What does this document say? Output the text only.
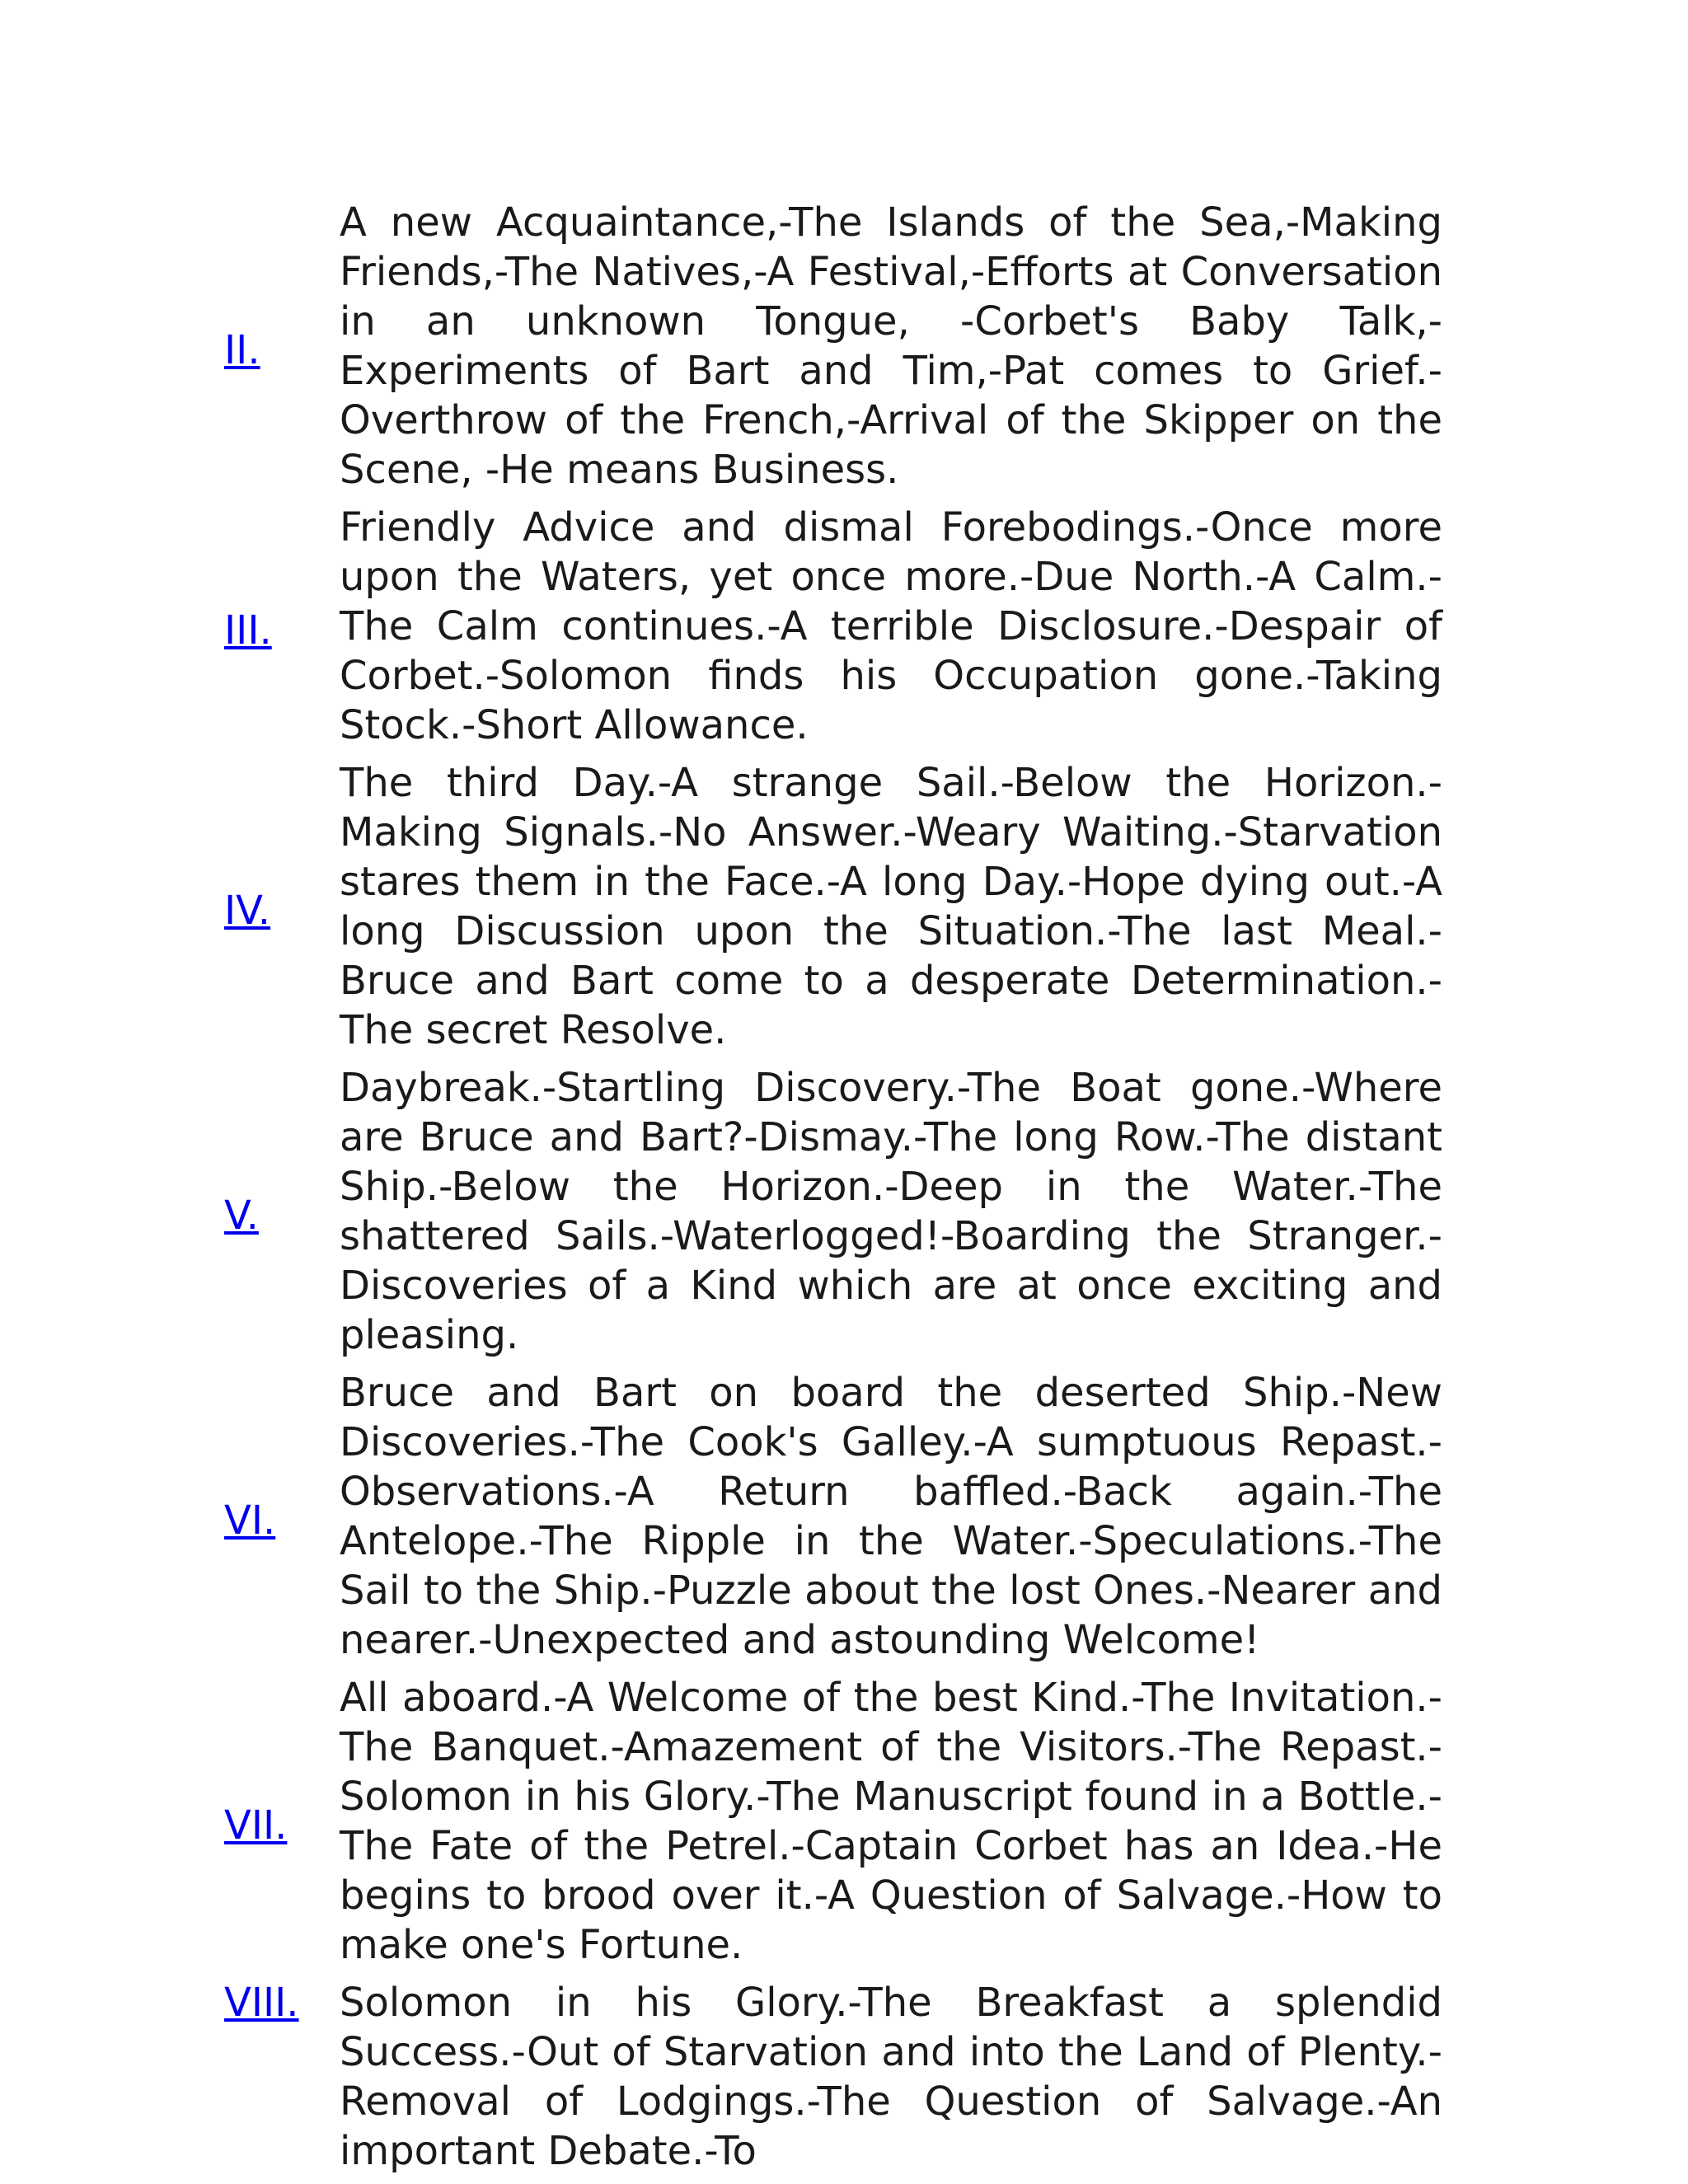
II.	A new Acquaintance,-The Islands of the Sea,-Making Friends,-The Natives,-A Festival,-Efforts at Conversation in an unknown Tongue, -Corbet's Baby Talk,-Experiments of Bart and Tim,-Pat comes to Grief.-Overthrow of the French,-Arrival of the Skipper on the Scene, -He means Business.
III.	Friendly Advice and dismal Forebodings.-Once more upon the Waters, yet once more.-Due North.-A Calm.-The Calm continues.-A terrible Disclosure.-Despair of Corbet.-Solomon finds his Occupation gone.-Taking Stock.-Short Allowance.
IV.	The third Day.-A strange Sail.-Below the Horizon.-Making Signals.-No Answer.-Weary Waiting.-Starvation stares them in the Face.-A long Day.-Hope dying out.-A long Discussion upon the Situation.-The last Meal.-Bruce and Bart come to a desperate Determination.-The secret Resolve.
V.	Daybreak.-Startling Discovery.-The Boat gone.-Where are Bruce and Bart?-Dismay.-The long Row.-The distant Ship.-Below the Horizon.-Deep in the Water.-The shattered Sails.-Waterlogged!-Boarding the Stranger.-Discoveries of a Kind which are at once exciting and pleasing.
VI.	Bruce and Bart on board the deserted Ship.-New Discoveries.-The Cook's Galley.-A sumptuous Repast.-Observations.-A Return baffled.-Back again.-The Antelope.-The Ripple in the Water.-Speculations.-The Sail to the Ship.-Puzzle about the lost Ones.-Nearer and nearer.-Unexpected and astounding Welcome!
VII.	All aboard.-A Welcome of the best Kind.-The Invitation.-The Banquet.-Amazement of the Visitors.-The Repast.-Solomon in his Glory.-The Manuscript found in a Bottle.-The Fate of the Petrel.-Captain Corbet has an Idea.-He begins to brood over it.-A Question of Salvage.-How to make one's Fortune.
VIII.	Solomon in his Glory.-The Breakfast a splendid Success.-Out of Starvation and into the Land of Plenty.-Removal of Lodgings.-The Question of Salvage.-An important Debate.-To
